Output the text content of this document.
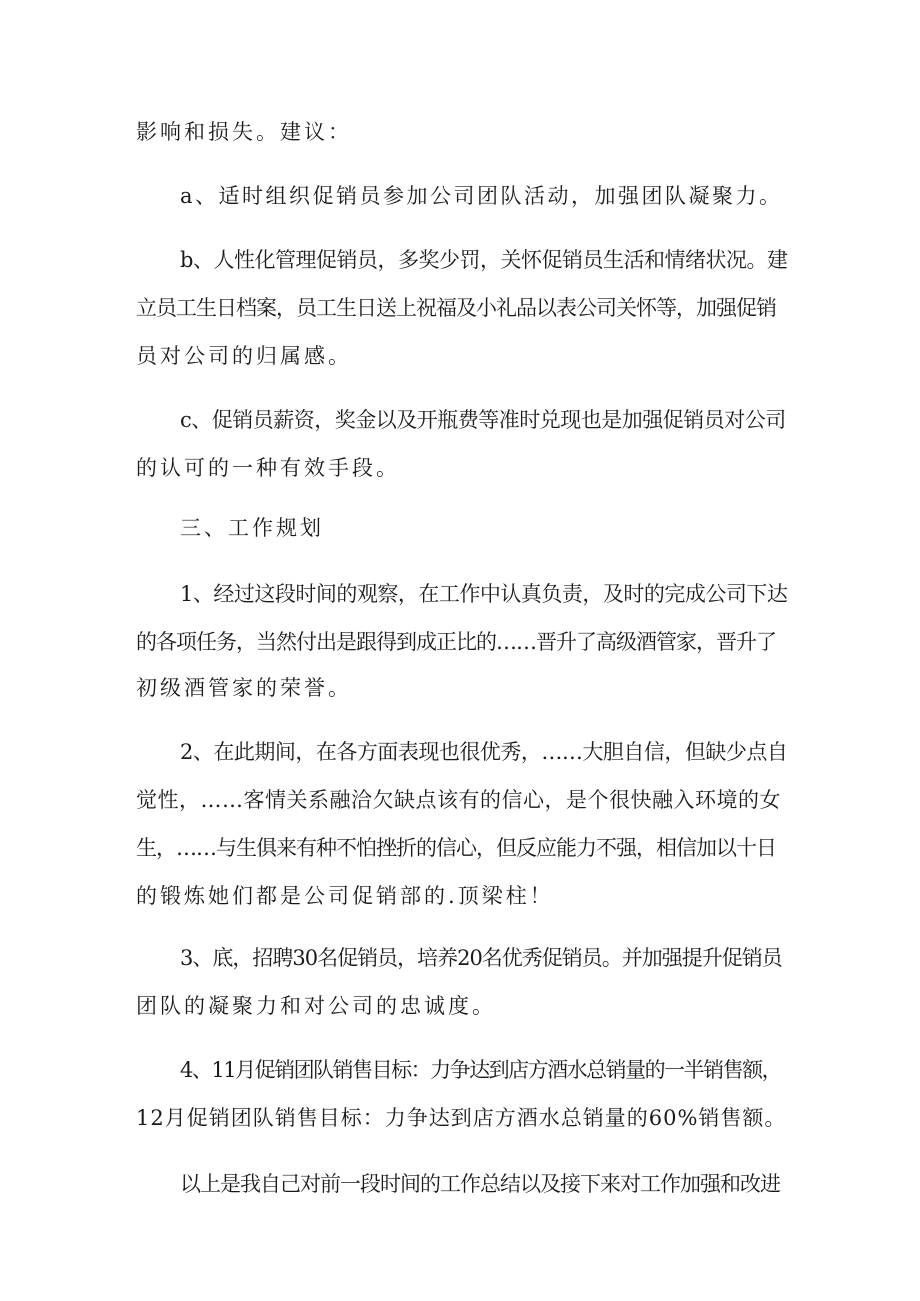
影响和损失。建议：
a、适时组织促销员参加公司团队活动，加强团队凝聚力。
b、人性化管理促销员，多奖少罚，关怀促销员生活和情绪状况。建
立员工生日档案，员工生日送上祝福及小礼品以表公司关怀等，加强促销
员对公司的归属感。
c、促销员薪资，奖金以及开瓶费等准时兑现也是加强促销员对公司
的认可的一种有效手段。
三、工作规划
1、经过这段时间的观察，在工作中认真负责，及时的完成公司下达
的各项任务，当然付出是跟得到成正比的……晋升了高级酒管家，晋升了
初级酒管家的荣誉。
2、在此期间，在各方面表现也很优秀，……大胆自信，但缺少点自
觉性，……客情关系融洽欠缺点该有的信心，是个很快融入环境的女
生，……与生俱来有种不怕挫折的信心，但反应能力不强，相信加以十日
的锻炼她们都是公司促销部的.顶梁柱！
3、底，招聘30名促销员，培养20名优秀促销员。并加强提升促销员
团队的凝聚力和对公司的忠诚度。
4、11月促销团队销售目标：力争达到店方酒水总销量的一半销售额，
12月促销团队销售目标：力争达到店方酒水总销量的60%销售额。
以上是我自己对前一段时间的工作总结以及接下来对工作加强和改进
